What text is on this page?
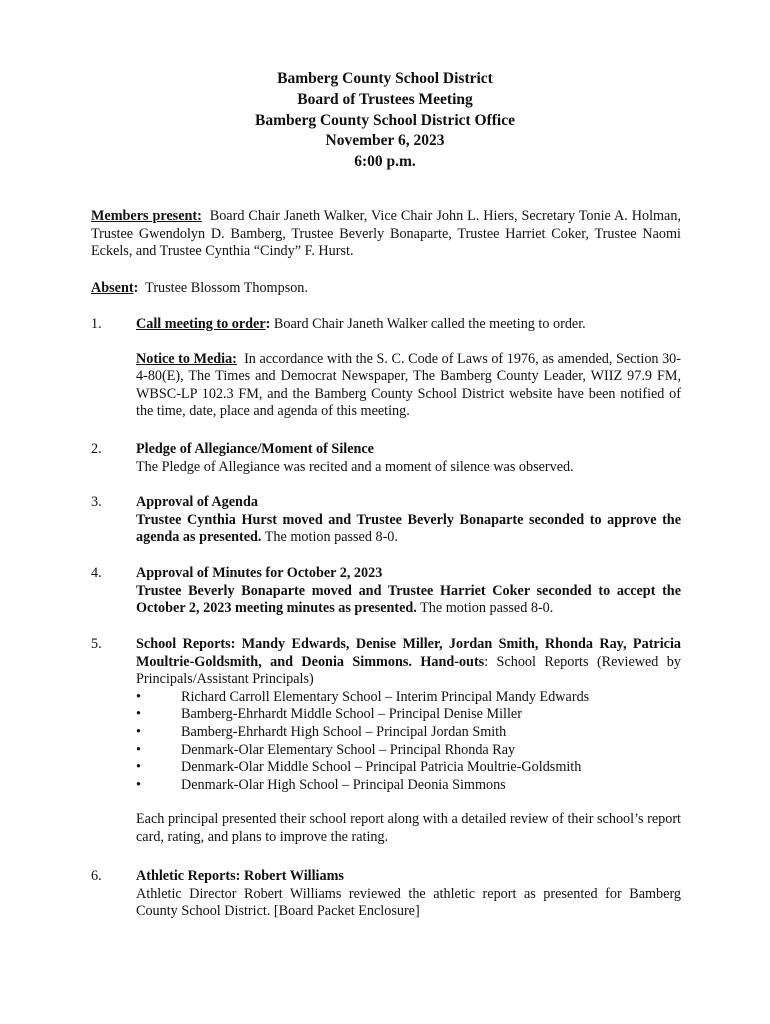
Bamberg County School District
Board of Trustees Meeting
Bamberg County School District Office
November 6, 2023
6:00 p.m.
Members present: Board Chair Janeth Walker, Vice Chair John L. Hiers, Secretary Tonie A. Holman, Trustee Gwendolyn D. Bamberg, Trustee Beverly Bonaparte, Trustee Harriet Coker, Trustee Naomi Eckels, and Trustee Cynthia “Cindy” F. Hurst.
Absent: Trustee Blossom Thompson.
1.	Call meeting to order: Board Chair Janeth Walker called the meeting to order.

Notice to Media: In accordance with the S. C. Code of Laws of 1976, as amended, Section 30-4-80(E), The Times and Democrat Newspaper, The Bamberg County Leader, WIIZ 97.9 FM, WBSC-LP 102.3 FM, and the Bamberg County School District website have been notified of the time, date, place and agenda of this meeting.

2.	Pledge of Allegiance/Moment of Silence

The Pledge of Allegiance was recited and a moment of silence was observed.

3.	Approval of Agenda

Trustee Cynthia Hurst moved and Trustee Beverly Bonaparte seconded to approve the agenda as presented. The motion passed 8-0.

4.	Approval of Minutes for October 2, 2023

Trustee Beverly Bonaparte moved and Trustee Harriet Coker seconded to accept the October 2, 2023 meeting minutes as presented. The motion passed 8-0.

5.	School Reports: Mandy Edwards, Denise Miller, Jordan Smith, Rhonda Ray, Patricia Moultrie-Goldsmith, and Deonia Simmons. Hand-outs: School Reports (Reviewed by Principals/Assistant Principals)

•	Richard Carroll Elementary School – Interim Principal Mandy Edwards
•	Bamberg-Ehrhardt Middle School – Principal Denise Miller
•	Bamberg-Ehrhardt High School – Principal Jordan Smith
•	Denmark-Olar Elementary School – Principal Rhonda Ray
•	Denmark-Olar Middle School – Principal Patricia Moultrie-Goldsmith
•	Denmark-Olar High School – Principal Deonia Simmons

Each principal presented their school report along with a detailed review of their school’s report card, rating, and plans to improve the rating.

6.	Athletic Reports: Robert Williams

Athletic Director Robert Williams reviewed the athletic report as presented for Bamberg County School District. [Board Packet Enclosure]
